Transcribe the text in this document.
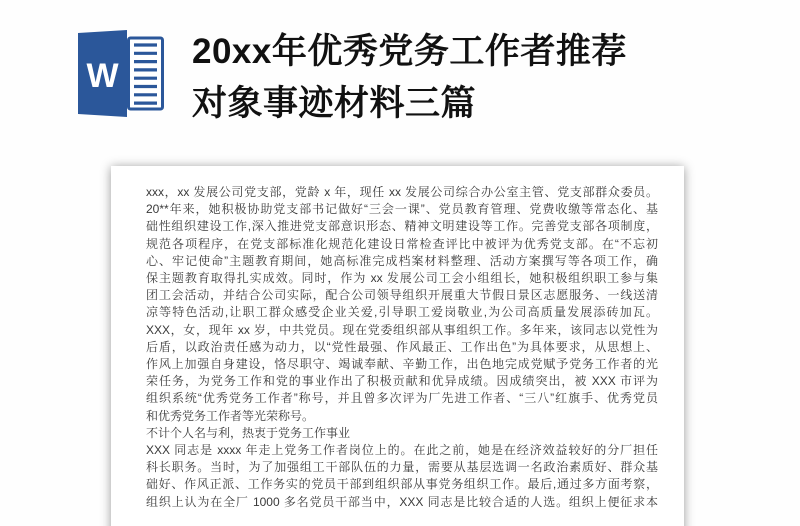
W
20xx年优秀党务工作者推荐对象事迹材料三篇
xxx，xx 发展公司党支部，党龄 x 年，现任 xx 发展公司综合办公室主管、党支部群众委员。
20**年来，她积极协助党支部书记做好“三会一课”、党员教育管理、党费收缴等常态化、基
础性组织建设工作,深入推进党支部意识形态、精神文明建设等工作。完善党支部各项制度，
规范各项程序，在党支部标准化规范化建设日常检查评比中被评为优秀党支部。在“不忘初
心、牢记使命”主题教育期间，她高标准完成档案材料整理、活动方案撰写等各项工作，确
保主题教育取得扎实成效。同时，作为 xx 发展公司工会小组组长，她积极组织职工参与集
团工会活动，并结合公司实际，配合公司领导组织开展重大节假日景区志愿服务、一线送清
凉等特色活动,让职工群众感受企业关爱,引导职工爱岗敬业,为公司高质量发展添砖加瓦。
XXX，女，现年 xx 岁，中共党员。现在党委组织部从事组织工作。多年来，该同志以党性为
后盾，以政治责任感为动力，以“党性最强、作风最正、工作出色”为具体要求，从思想上、
作风上加强自身建设，恪尽职守、竭诚奉献、辛勤工作，出色地完成党赋予党务工作者的光
荣任务，为党务工作和党的事业作出了积极贡献和优异成绩。因成绩突出，被 XXX 市评为
组织系统“优秀党务工作者”称号，并且曾多次评为厂先进工作者、“三八”红旗手、优秀党员
和优秀党务工作者等光荣称号。
不计个人名与利，热衷于党务工作事业
XXX 同志是 xxxx 年走上党务工作者岗位上的。在此之前，她是在经济效益较好的分厂担任
科长职务。当时，为了加强组工干部队伍的力量，需要从基层选调一名政治素质好、群众基
础好、作风正派、工作务实的党员干部到组织部从事党务组织工作。最后,通过多方面考察，
组织上认为在全厂 1000 多名党员干部当中，XXX 同志是比较合适的人选。组织上便征求本
